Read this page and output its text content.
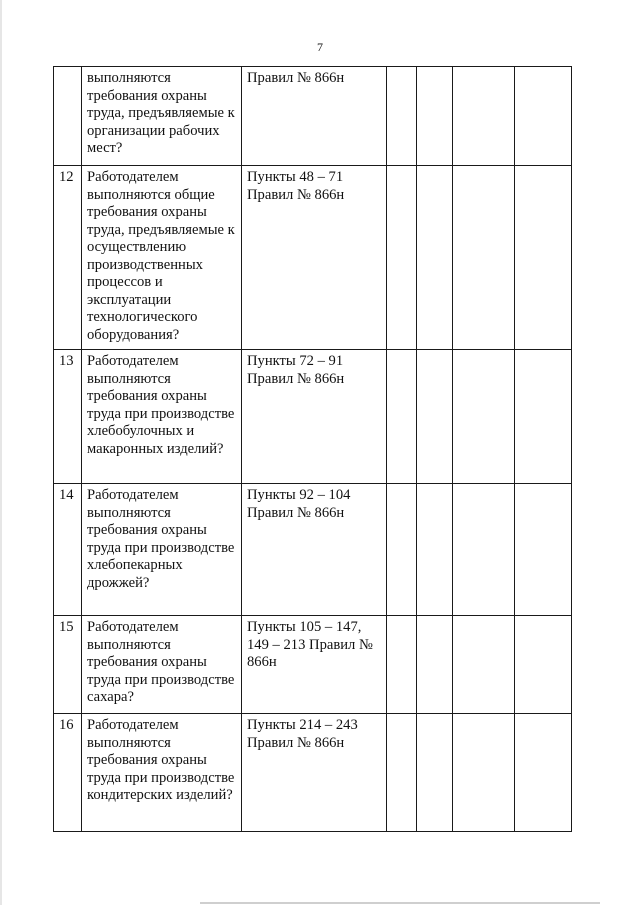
7
	выполняются требования охраны труда, предъявляемые к организации рабочих мест?	Правил № 866н				
12	Работодателем выполняются общие требования охраны труда, предъявляемые к осуществлению производственных процессов и эксплуатации технологического оборудования?	Пункты 48 – 71 Правил № 866н				
13	Работодателем выполняются требования охраны труда при производстве хлебобулочных и макаронных изделий?	Пункты 72 – 91 Правил № 866н				
14	Работодателем выполняются требования охраны труда при производстве хлебопекарных дрожжей?	Пункты 92 – 104 Правил № 866н				
15	Работодателем выполняются требования охраны труда при производстве сахара?	Пункты 105 – 147, 149 – 213 Правил № 866н				
16	Работодателем выполняются требования охраны труда при производстве кондитерских изделий?	Пункты 214 – 243 Правил № 866н				
